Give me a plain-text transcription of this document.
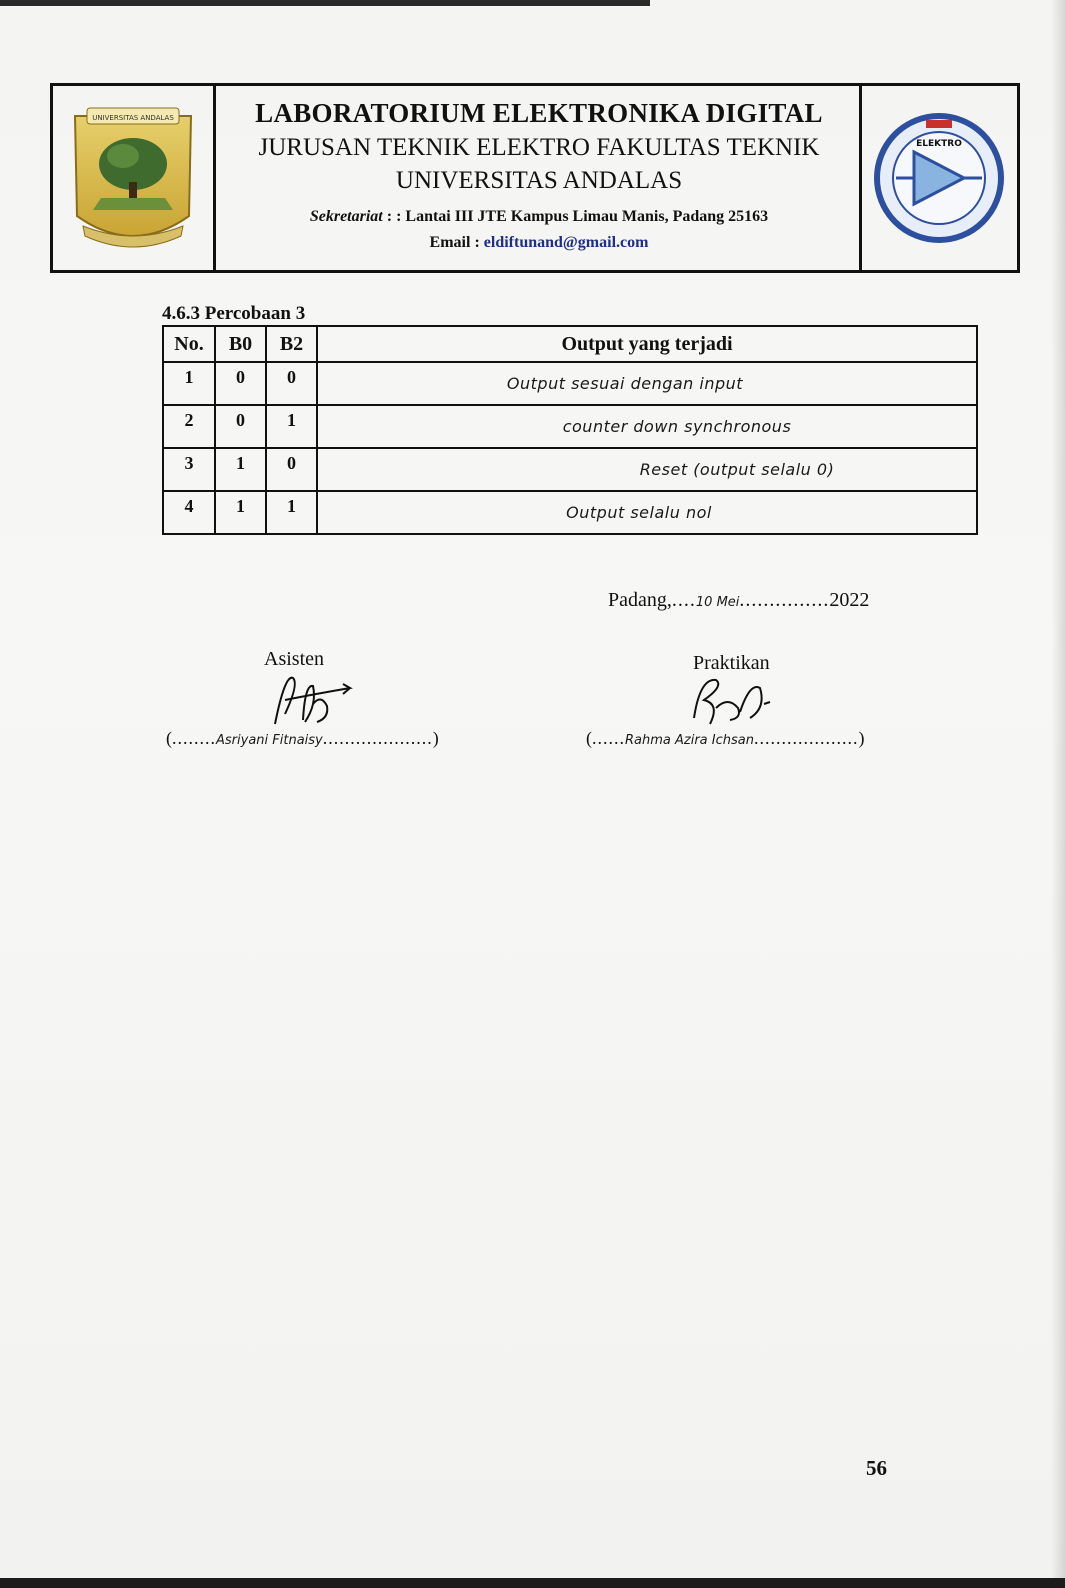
UNIVERSITAS ANDALAS	LABORATORIUM ELEKTRONIKA DIGITAL
JURUSAN TEKNIK ELEKTRO FAKULTAS TEKNIK
UNIVERSITAS ANDALAS
Sekretariat : : Lantai III JTE Kampus Limau Manis, Padang 25163
Email : eldiftunand@gmail.com
ELEKTRO
4.6.3 Percobaan 3
No.	B0	B2	Output yang terjadi
1	0	0	Output sesuai dengan input
2	0	1	counter down synchronous
3	1	0	Reset (output selalu 0)
4	1	1	Output selalu nol
Padang,....10 Mei...............2022
Asisten	Praktikan
(........Asriyani Fitnaisy....................)	(......Rahma Azira Ichsan...................)
56
